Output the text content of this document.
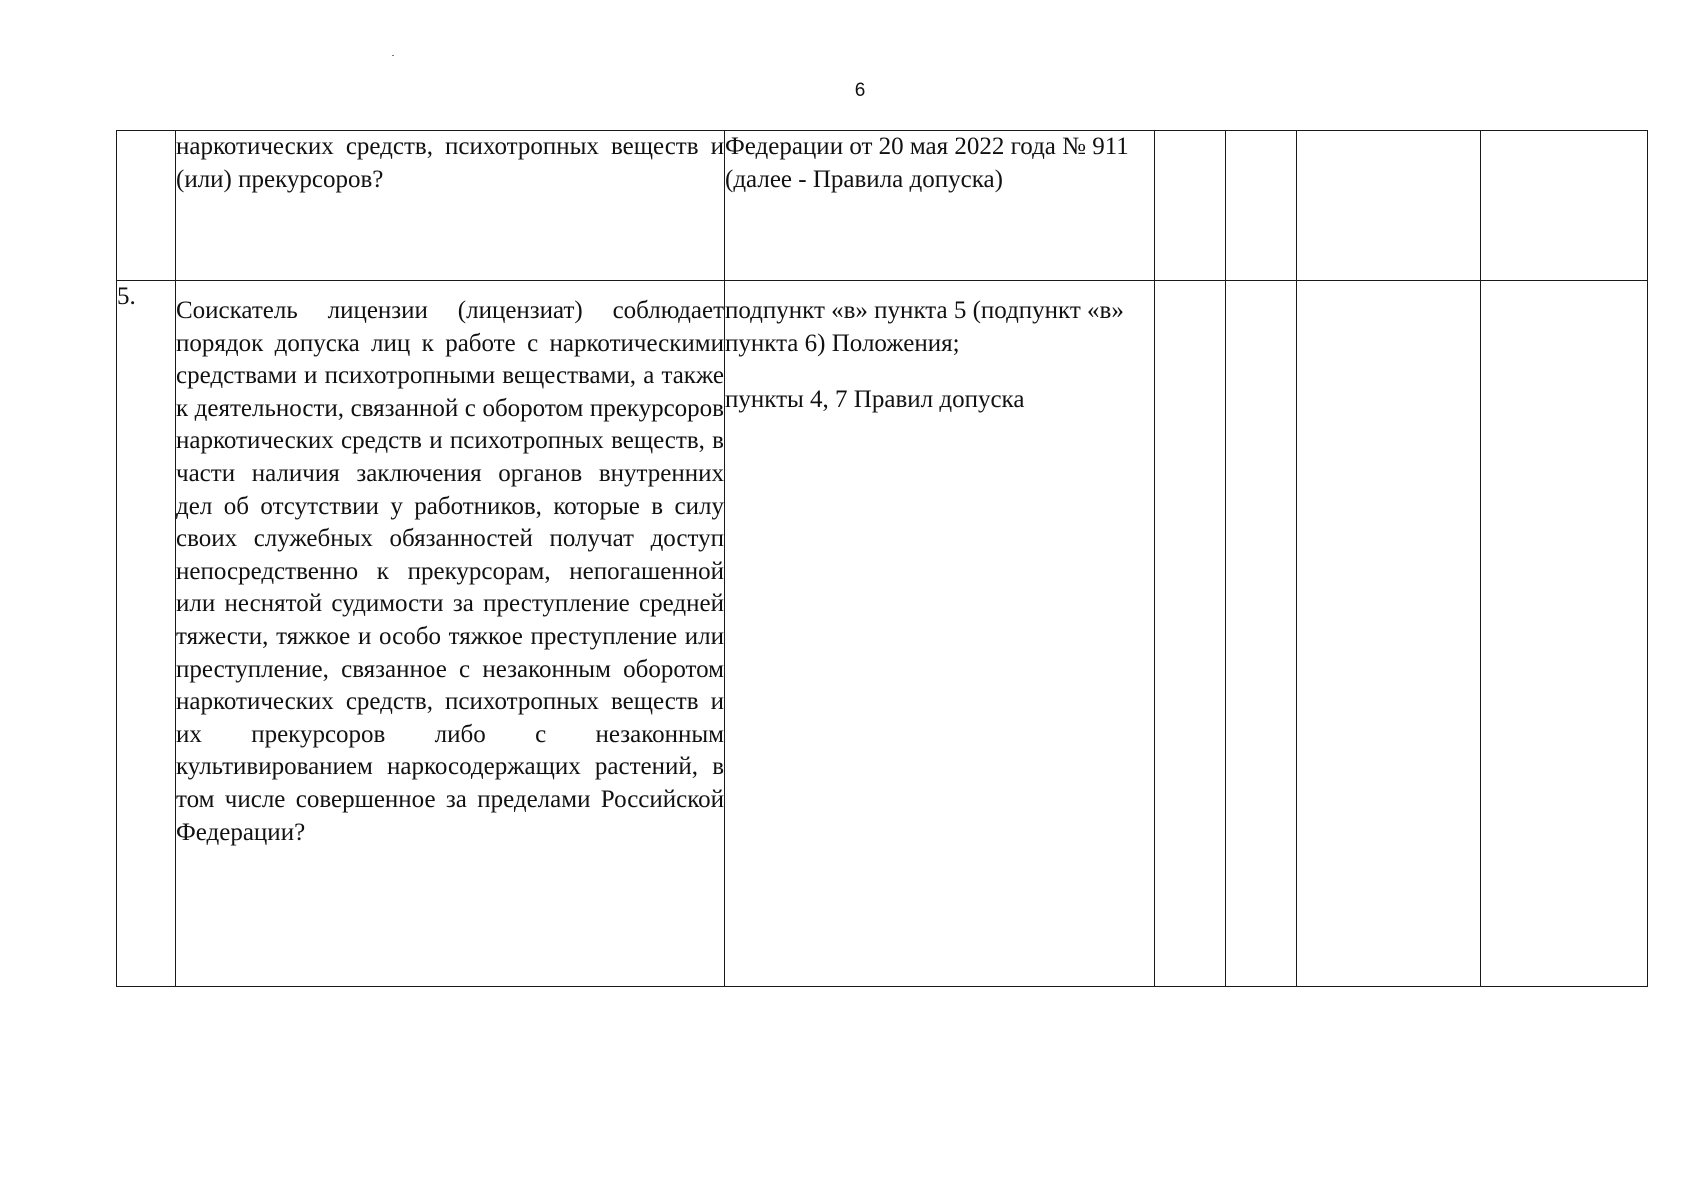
6
	наркотических средств, психотропных веществ и (или) прекурсоров?	Федерации от 20 мая 2022 года № 911 (далее - Правила допуска)				

5.	Соискатель лицензии (лицензиат) соблюдает порядок допуска лиц к работе с наркотическими средствами и психотропными веществами, а также к деятельности, связанной с оборотом прекурсоров наркотических средств и психотропных веществ, в части наличия заключения органов внутренних дел об отсутствии у работников, которые в силу своих служебных обязанностей получат доступ непосредственно к прекурсорам, непогашенной или неснятой судимости за преступление средней тяжести, тяжкое и особо тяжкое преступление или преступление, связанное с незаконным оборотом наркотических средств, психотропных веществ и их прекурсоров либо с незаконным культивированием наркосодержащих растений, в том числе совершенное за пределами Российской Федерации?	подпункт «в» пункта 5 (подпункт «в» пункта 6) Положения;

пункты 4, 7 Правил допуска				
